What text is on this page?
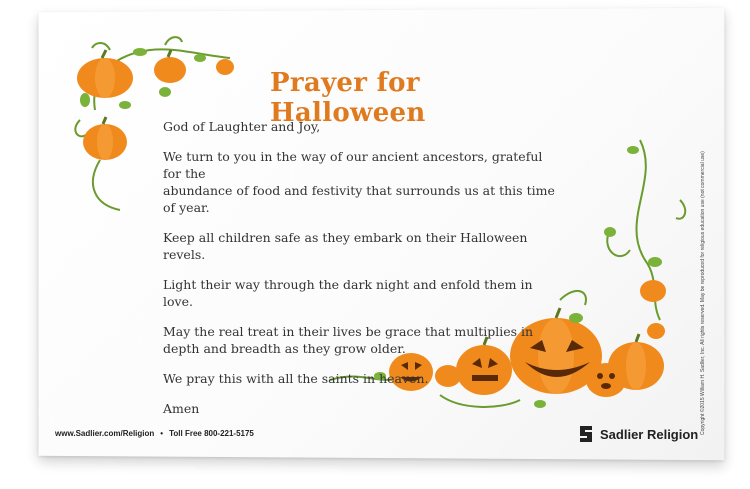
Prayer for Halloween

God of Laughter and Joy,

We turn to you in the way of our ancient ancestors, grateful for the
abundance of food and festivity that surrounds us at this time of year.

Keep all children safe as they embark on their Halloween revels.

Light their way through the dark night and enfold them in love.

May the real treat in their lives be grace that multiplies in
depth and breadth as they grow older.

We pray this with all the saints in heaven.

Amen

www.Sadlier.com/Religion • Toll Free 800-221-5175	Sadlier Religion Copyright ©2015 William H. Sadlier, Inc. All rights reserved. May be reproduced for religious education use (not commercial use)
